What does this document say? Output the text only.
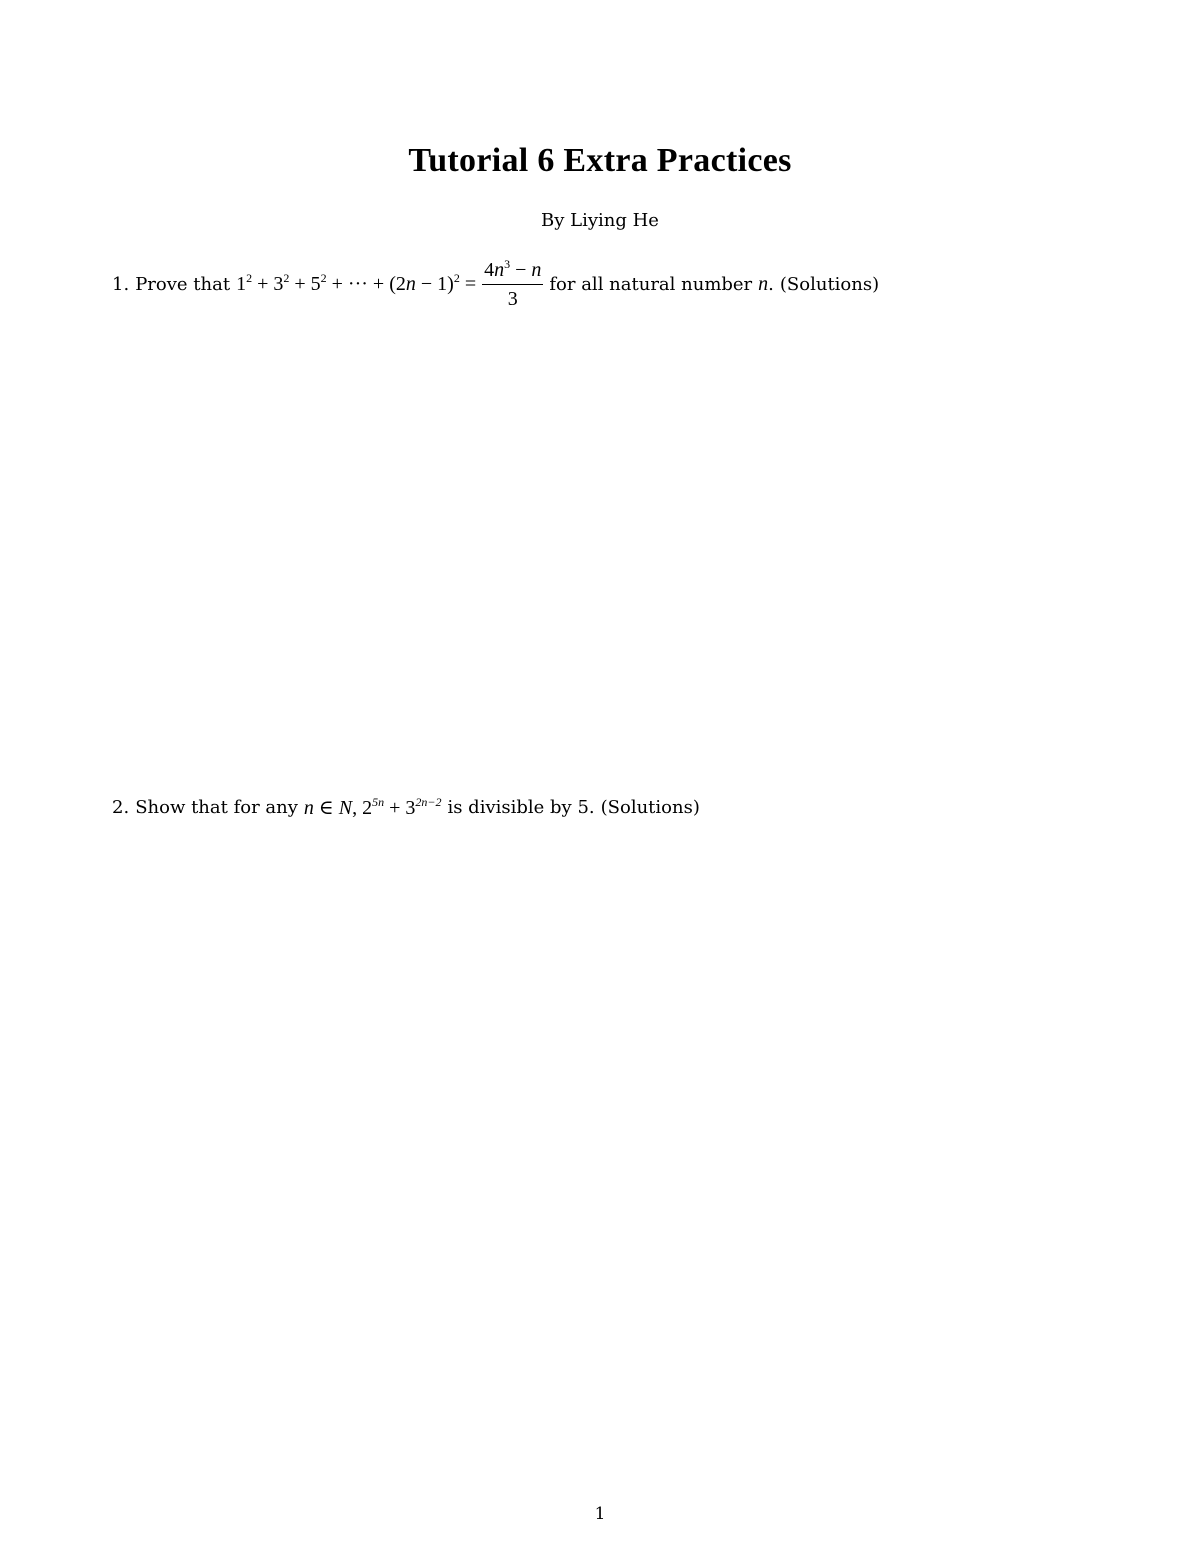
Tutorial 6 Extra Practices
By Liying He
1. Prove that $1^2 + 3^2 + 5^2$ + ··· + $(2n - 1)^2 = \frac{4n^3 - n}{3}$ for all natural number n . (Solutions)
2. Show that for any n ∈ N, $2^{5n} + 3^{2n-2}$ is divisible by 5. (Solutions)
1
